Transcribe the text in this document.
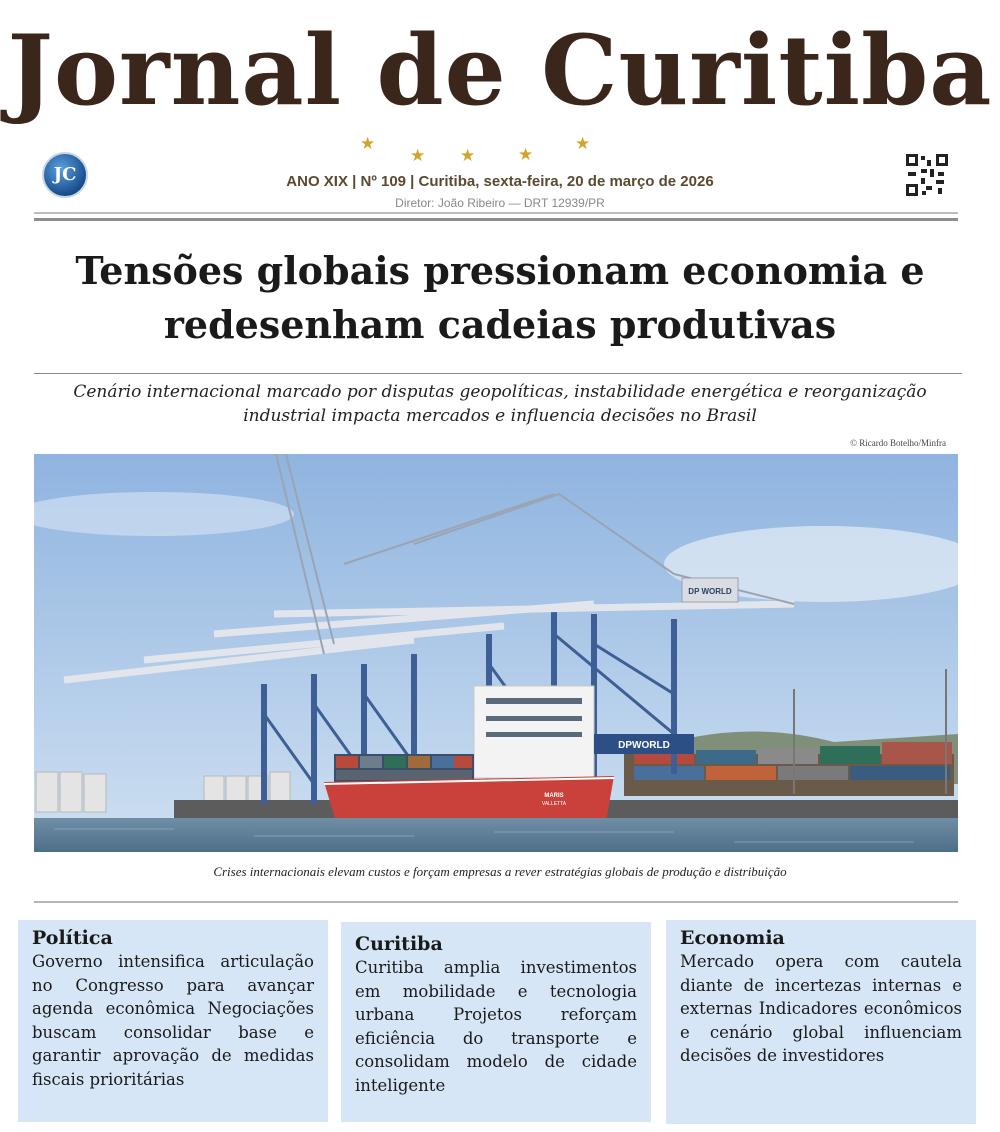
Jornal de Curitiba
★
★ ★	★
★
JC	ANO XIX | Nº 109 | Curitiba, sexta-feira, 20 de março de 2026
Diretor: João Ribeiro — DRT 12939/PR
Tensões globais pressionam economia e redesenham cadeias produtivas
Cenário internacional marcado por disputas geopolíticas, instabilidade energética e reorganização industrial impacta mercados e influencia decisões no Brasil
© Ricardo Botelho/Minfra
DP WORLD
DPWORLD
MARIS
VALLETTA
Crises internacionais elevam custos e forçam empresas a rever estratégias globais de produção e distribuição
Política
Governo intensifica articulação no Congresso para avançar agenda econômica Negociações buscam consolidar base e garantir aprovação de medidas fiscais prioritárias
Curitiba
Curitiba amplia investimentos em mobilidade e tecnologia urbana Projetos reforçam eficiência do transporte e consolidam modelo de cidade inteligente
Economia
Mercado opera com cautela diante de incertezas internas e externas Indicadores econômicos e cenário global influenciam decisões de investidores
